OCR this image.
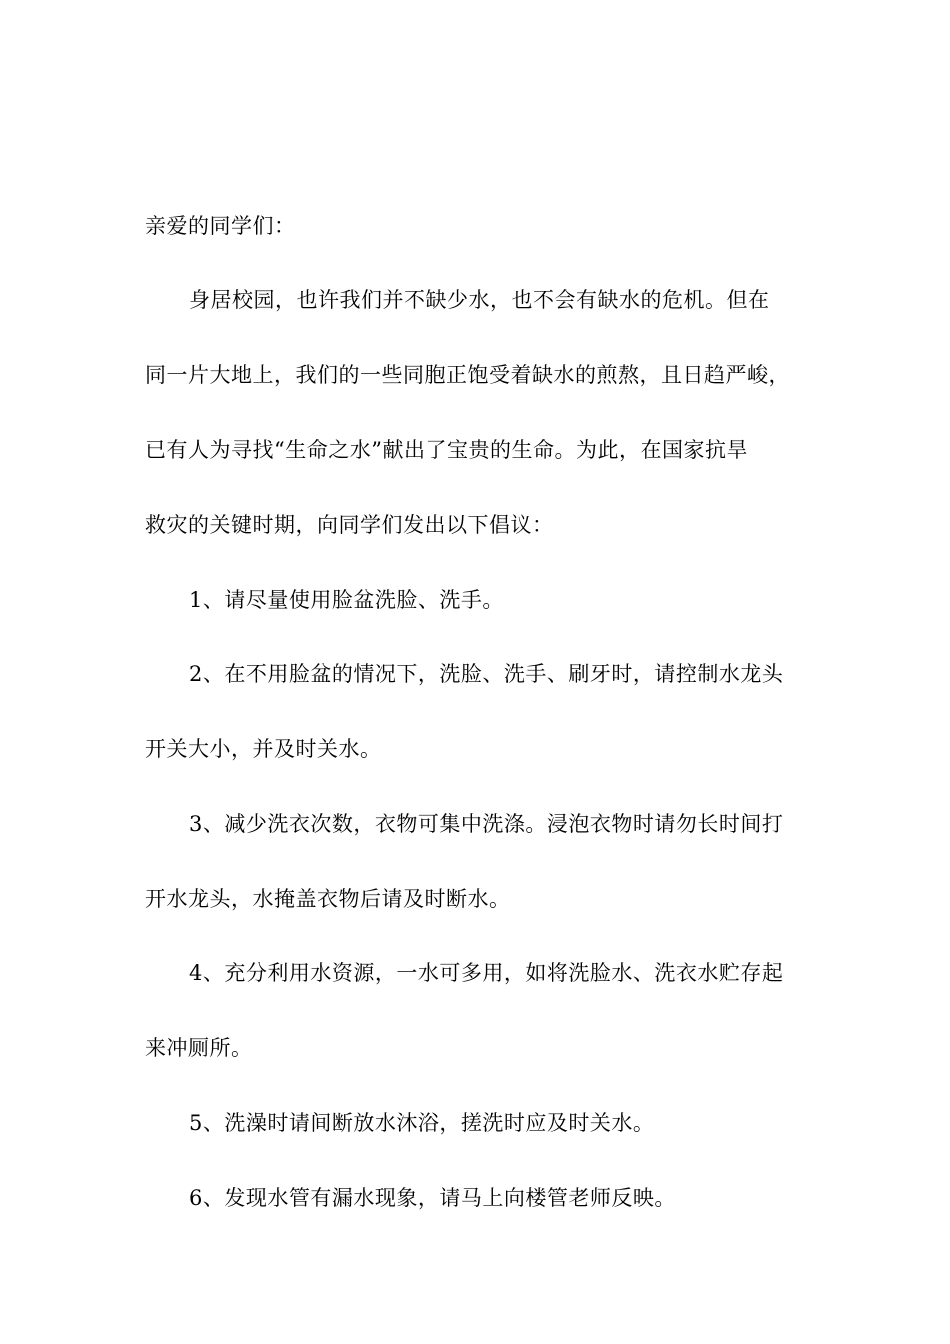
亲爱的同学们：
身居校园，也许我们并不缺少水，也不会有缺水的危机。但在
同一片大地上，我们的一些同胞正饱受着缺水的煎熬，且日趋严峻，
已有人为寻找“生命之水”献出了宝贵的生命。为此，在国家抗旱
救灾的关键时期，向同学们发出以下倡议：
1、请尽量使用脸盆洗脸、洗手。
2、在不用脸盆的情况下，洗脸、洗手、刷牙时，请控制水龙头
开关大小，并及时关水。
3、减少洗衣次数，衣物可集中洗涤。浸泡衣物时请勿长时间打
开水龙头，水掩盖衣物后请及时断水。
4、充分利用水资源，一水可多用，如将洗脸水、洗衣水贮存起
来冲厕所。
5、洗澡时请间断放水沐浴，搓洗时应及时关水。
6、发现水管有漏水现象，请马上向楼管老师反映。
